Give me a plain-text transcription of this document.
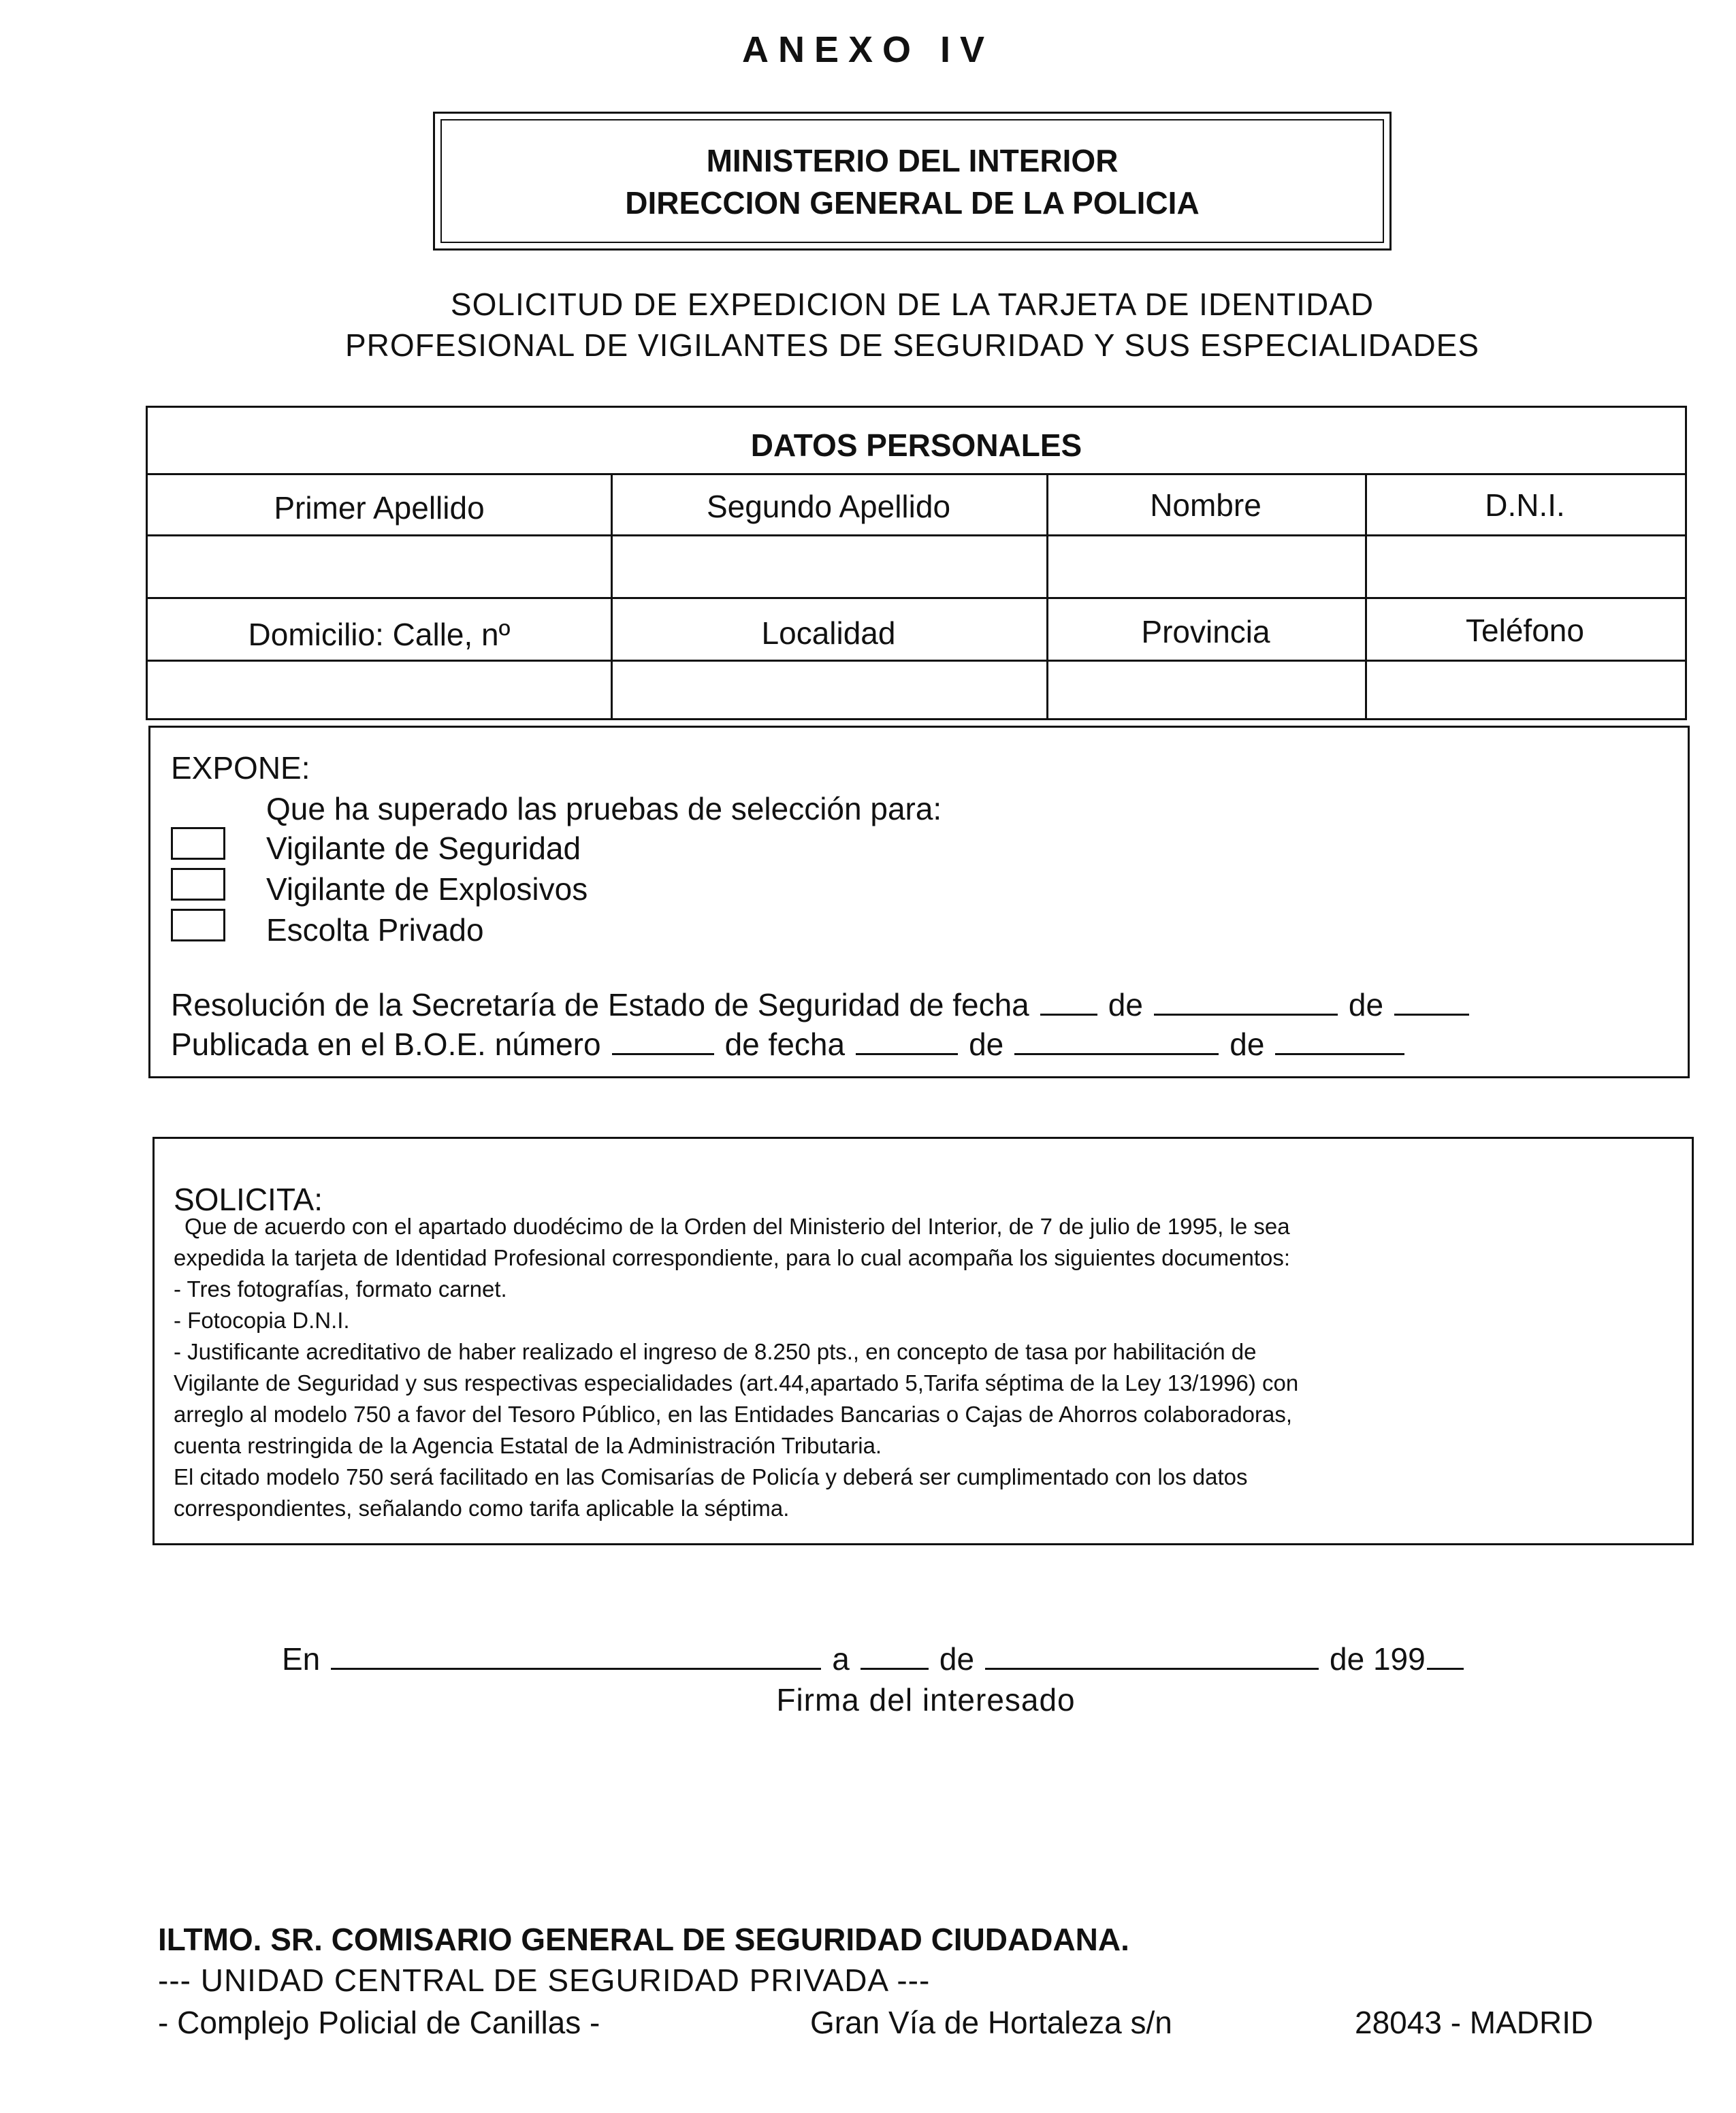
ANEXO IV
MINISTERIO DEL INTERIOR
DIRECCION GENERAL DE LA POLICIA
SOLICITUD DE EXPEDICION DE LA TARJETA DE IDENTIDAD
PROFESIONAL DE VIGILANTES DE SEGURIDAD Y SUS ESPECIALIDADES
DATOS PERSONALES
Primer Apellido	Segundo Apellido	Nombre	D.N.I.
Domicilio: Calle, nº	Localidad	Provincia	Teléfono
EXPONE:
Que ha superado las pruebas de selección para:
Vigilante de Seguridad
Vigilante de Explosivos
Escolta Privado
Resolución de la Secretaría de Estado de Seguridad de fecha	de	de
Publicada en el B.O.E. número	de fecha	de	de
SOLICITA:
Que de acuerdo con el apartado duodécimo de la Orden del Ministerio del Interior, de 7 de julio de 1995, le sea
expedida la tarjeta de Identidad Profesional correspondiente, para lo cual acompaña los siguientes documentos:
- Tres fotografías, formato carnet.
- Fotocopia D.N.I.
- Justificante acreditativo de haber realizado el ingreso de 8.250 pts., en concepto de tasa por habilitación de
Vigilante de Seguridad y sus respectivas especialidades (art.44,apartado 5,Tarifa séptima de la Ley 13/1996) con
arreglo al modelo 750 a favor del Tesoro Público, en las Entidades Bancarias o Cajas de Ahorros colaboradoras,
cuenta restringida de la Agencia Estatal de la Administración Tributaria.
El citado modelo 750 será facilitado en las Comisarías de Policía y deberá ser cumplimentado con los datos
correspondientes, señalando como tarifa aplicable la séptima.
En	a	de	de 199
Firma del interesado
ILTMO. SR. COMISARIO GENERAL DE SEGURIDAD CIUDADANA.
--- UNIDAD CENTRAL DE SEGURIDAD PRIVADA ---
- Complejo Policial de Canillas -	Gran Vía de Hortaleza s/n	28043 - MADRID
